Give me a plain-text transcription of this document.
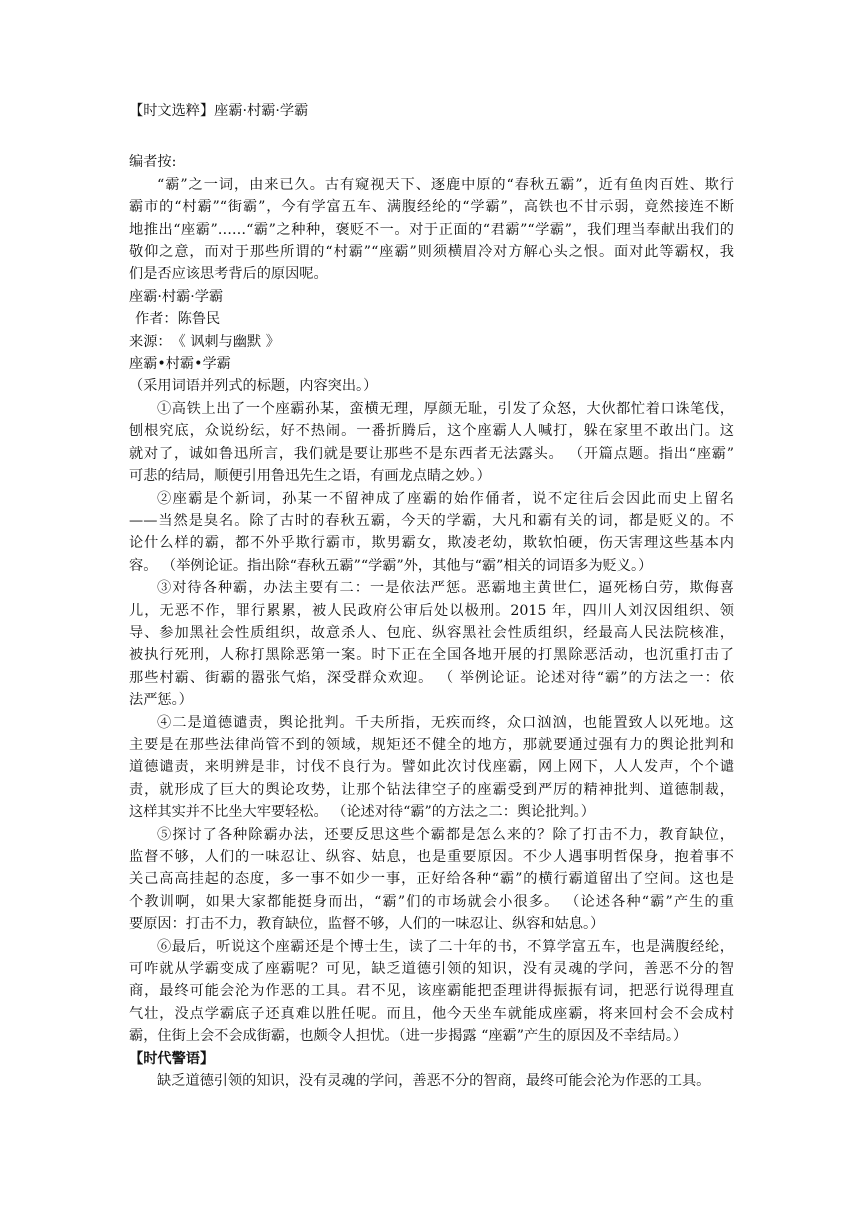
【时文选粹】座霸·村霸·学霸
编者按:
“霸”之一词，由来已久。古有窥视天下、逐鹿中原的“春秋五霸”，近有鱼肉百姓、欺行
霸市的“村霸”“街霸”，今有学富五车、满腹经纶的“学霸”，高铁也不甘示弱，竟然接连不断
地推出“座霸”……“霸”之种种，褒贬不一。对于正面的“君霸”“学霸”，我们理当奉献出我们的
敬仰之意，而对于那些所谓的“村霸”“座霸”则须横眉冷对方解心头之恨。面对此等霸权，我
们是否应该思考背后的原因呢。
座霸·村霸·学霸
作者：陈鲁民
来源：　《 讽刺与幽默 》
座霸•村霸•学霸
（采用词语并列式的标题，内容突出。）
①高铁上出了一个座霸孙某，蛮横无理，厚颜无耻，引发了众怒，大伙都忙着口诛笔伐，
刨根究底，众说纷纭，好不热闹。一番折腾后，这个座霸人人喊打，躲在家里不敢出门。这
就对了，诚如鲁迅所言，我们就是要让那些不是东西者无法露头。 （开篇点题。指出“座霸”
可悲的结局，顺便引用鲁迅先生之语，有画龙点睛之妙。）
②座霸是个新词，孙某一不留神成了座霸的始作俑者，说不定往后会因此而史上留名
——当然是臭名。除了古时的春秋五霸，今天的学霸，大凡和霸有关的词，都是贬义的。不
论什么样的霸，都不外乎欺行霸市，欺男霸女，欺凌老幼，欺软怕硬，伤天害理这些基本内
容。 （举例论证。指出除“春秋五霸”“学霸”外，其他与“霸”相关的词语多为贬义。）
③对待各种霸，办法主要有二：一是依法严惩。恶霸地主黄世仁，逼死杨白劳，欺侮喜
儿，无恶不作，罪行累累，被人民政府公审后处以极刑。2015 年，四川人刘汉因组织、领
导、参加黑社会性质组织，故意杀人、包庇、纵容黑社会性质组织，经最高人民法院核准，
被执行死刑，人称打黑除恶第一案。时下正在全国各地开展的打黑除恶活动，也沉重打击了
那些村霸、街霸的嚣张气焰，深受群众欢迎。 （ 举例论证。论述对待“霸”的方法之一：依
法严惩。）
④二是道德谴责，舆论批判。千夫所指，无疾而终，众口汹汹，也能置致人以死地。这
主要是在那些法律尚管不到的领域，规矩还不健全的地方，那就要通过强有力的舆论批判和
道德谴责，来明辨是非，讨伐不良行为。譬如此次讨伐座霸，网上网下，人人发声，个个谴
责，就形成了巨大的舆论攻势，让那个钻法律空子的座霸受到严厉的精神批判、道德制裁，
这样其实并不比坐大牢要轻松。 （论述对待“霸”的方法之二：舆论批判。）
⑤探讨了各种除霸办法，还要反思这些个霸都是怎么来的？除了打击不力，教育缺位，
监督不够，人们的一味忍让、纵容、姑息，也是重要原因。不少人遇事明哲保身，抱着事不
关己高高挂起的态度，多一事不如少一事，正好给各种“霸”的横行霸道留出了空间。这也是
个教训啊，如果大家都能挺身而出，“霸”们的市场就会小很多。 （论述各种“霸”产生的重
要原因：打击不力，教育缺位，监督不够，人们的一味忍让、纵容和姑息。）
⑥最后，听说这个座霸还是个博士生，读了二十年的书，不算学富五车，也是满腹经纶，
可咋就从学霸变成了座霸呢？可见，缺乏道德引领的知识，没有灵魂的学问，善恶不分的智
商，最终可能会沦为作恶的工具。君不见，该座霸能把歪理讲得振振有词，把恶行说得理直
气壮，没点学霸底子还真难以胜任呢。而且，他今天坐车就能成座霸，将来回村会不会成村
霸，住街上会不会成街霸，也颇令人担忧。（进一步揭露 “座霸”产生的原因及不幸结局。）
【时代警语】
缺乏道德引领的知识，没有灵魂的学问，善恶不分的智商，最终可能会沦为作恶的工具。
